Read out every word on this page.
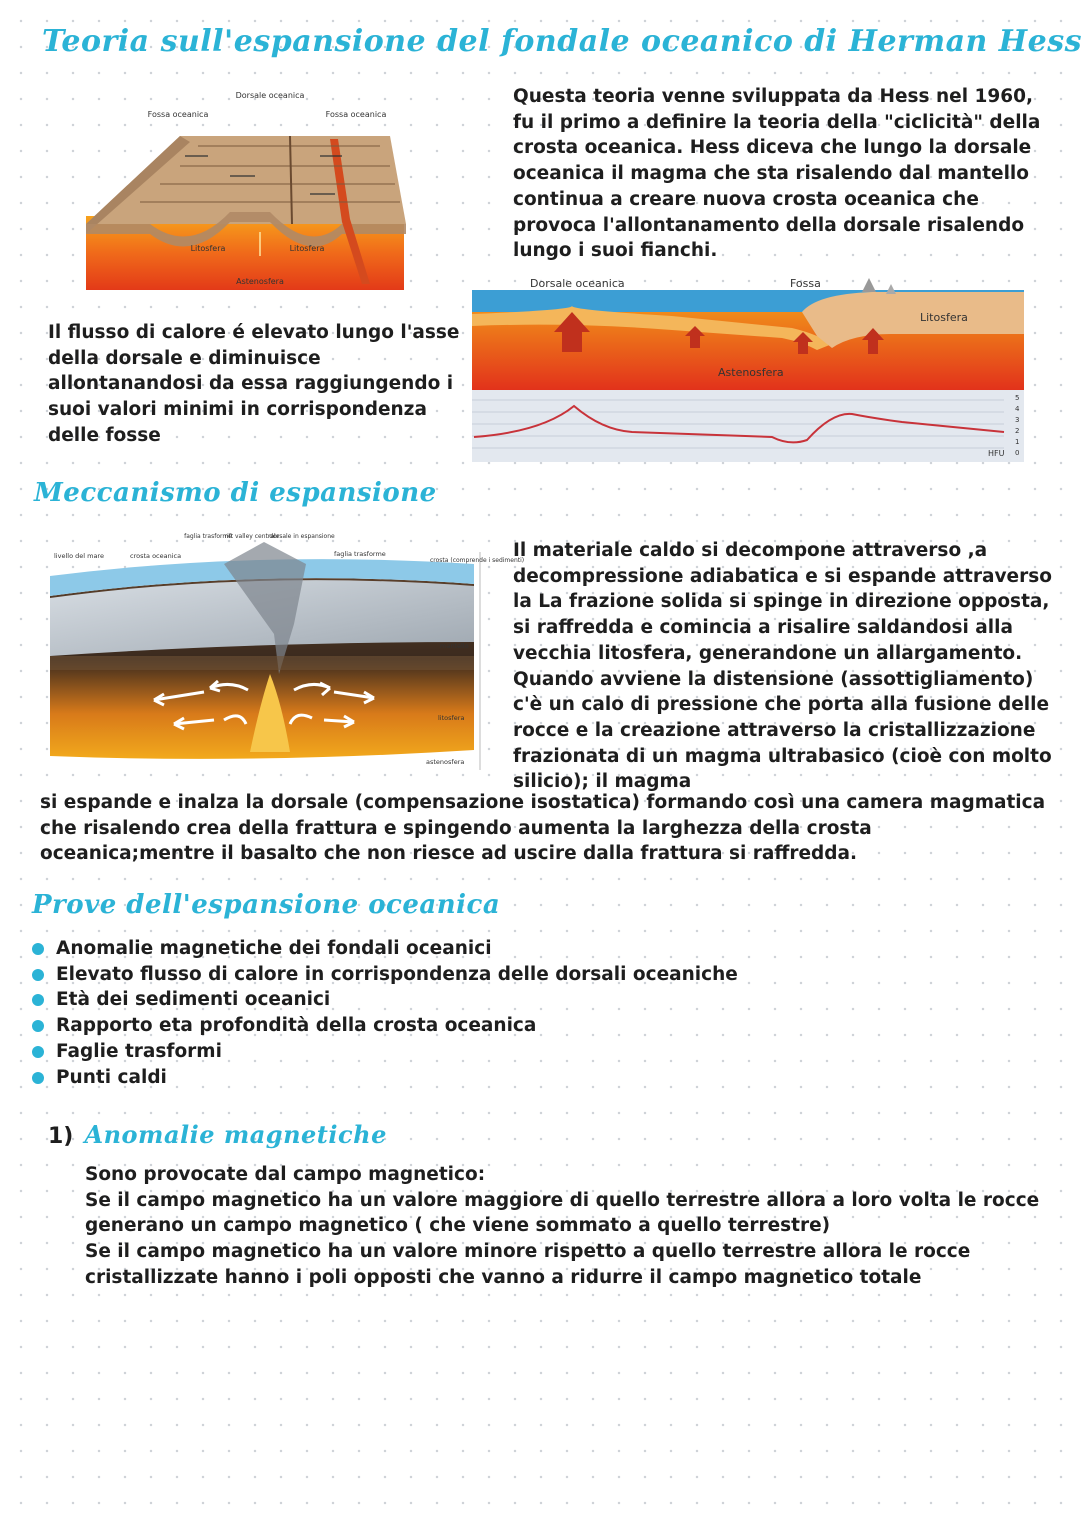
Teoria sull'espansione del fondale oceanico di Herman Hess
Dorsale oceanica
Fossa oceanica	Fossa oceanica
Litosfera	Litosfera
Astenosfera

Questa teoria venne sviluppata da Hess nel 1960, fu il primo a definire la teoria della "ciclicità" della crosta oceanica. Hess diceva che lungo la dorsale oceanica il magma che sta risalendo dal mantello continua a creare nuova crosta oceanica che provoca l'allontanamento della dorsale risalendo lungo i suoi fianchi.

Il flusso di calore é elevato lungo l'asse della dorsale e diminuisce allontanandosi da essa raggiungendo i suoi valori minimi in corrispondenza delle fosse

Dorsale oceanica	Fossa
Litosfera
Astenosfera
HFU
5
4
3
2
1
0
Meccanismo di espansione
livello del mare	crosta oceanica
faglia trasforme
rift valley centrale
dorsale in espansione
faglia trasforme
crosta (comprende i sedimenti)
mantello
litosfera
astenosfera

Il materiale caldo si decompone attraverso ,a decompressione adiabatica e si espande attraverso la La frazione solida si spinge in direzione opposta, si raffredda e comincia a risalire saldandosi alla vecchia litosfera, generandone un allargamento. Quando avviene la distensione (assottigliamento) c'è un calo di pressione che porta alla fusione delle rocce e la creazione attraverso la cristallizzazione frazionata di un magma ultrabasico (cioè con molto silicio); il magma

si espande e inalza la dorsale (compensazione isostatica) formando così una camera magmatica che risalendo crea della frattura e spingendo aumenta la larghezza della crosta oceanica;mentre il basalto che non riesce ad uscire dalla frattura si raffredda.

Prove dell'espansione oceanica
Anomalie magnetiche dei fondali oceanici
Elevato flusso di calore in corrispondenza delle dorsali oceaniche
Età dei sedimenti oceanici
Rapporto eta profondità della crosta oceanica
Faglie trasformi
Punti caldi
1) Anomalie magnetiche
Sono provocate dal campo magnetico:
Se il campo magnetico ha un valore maggiore di quello terrestre allora a loro volta le rocce generano un campo magnetico ( che viene sommato a quello terrestre)
Se il campo magnetico ha un valore minore rispetto a quello terrestre allora le rocce cristallizzate hanno i poli opposti che vanno a ridurre il campo magnetico totale
